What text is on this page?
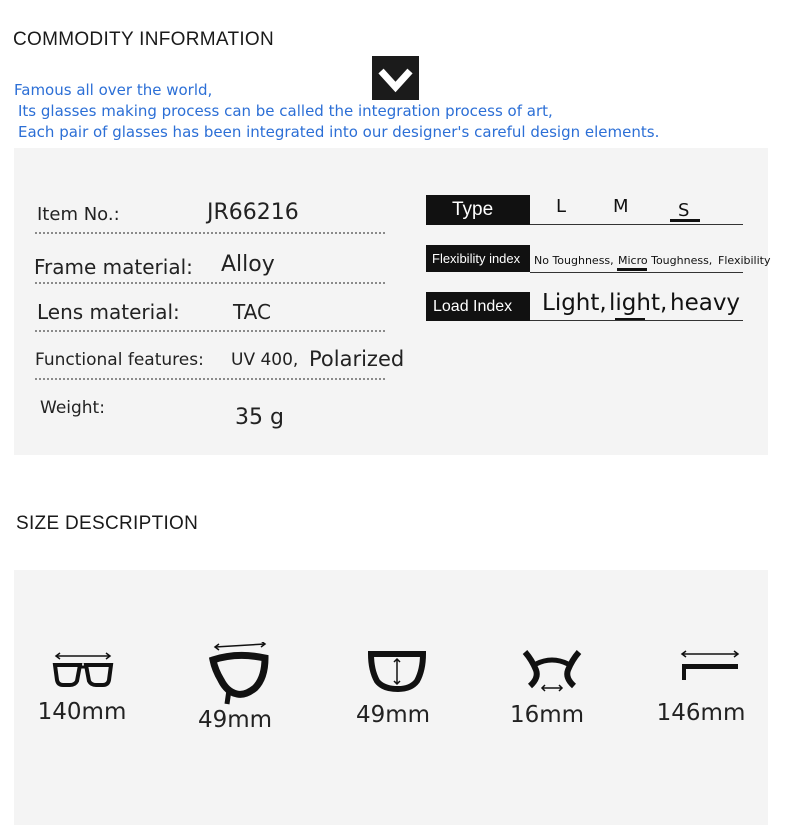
COMMODITY INFORMATION
Famous all over the world,
Its glasses making process can be called the integration process of art,
Each pair of glasses has been integrated into our designer's careful design elements.
Item No.:	JR66216
Frame material: Alloy
Lens material:	TAC
Functional features: UV 400, Polarized
Weight:	35 g
Type	L	M	S
Flexibility index No Toughness, Micro Toughness, Flexibility
Load Index Light, light, heavy
SIZE DESCRIPTION
140mm	49mm	49mm	16mm	146mm
